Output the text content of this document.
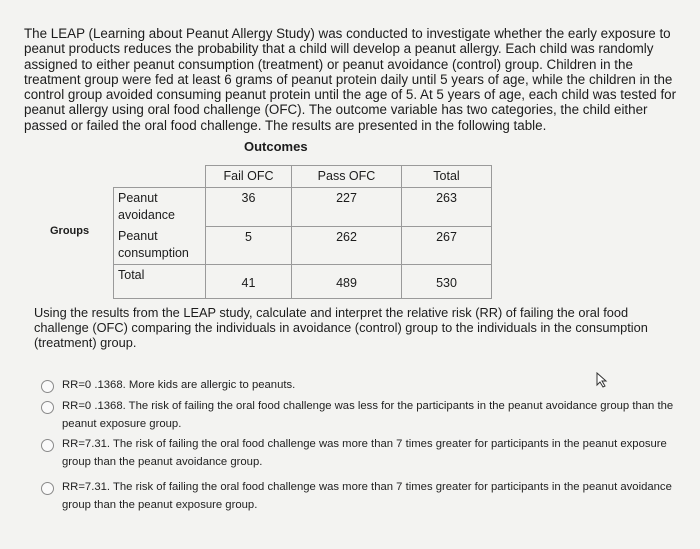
The LEAP (Learning about Peanut Allergy Study) was conducted to investigate whether the early exposure to peanut products reduces the probability that a child will develop a peanut allergy. Each child was randomly assigned to either peanut consumption (treatment) or peanut avoidance (control) group. Children in the treatment group were fed at least 6 grams of peanut protein daily until 5 years of age, while the children in the control group avoided consuming peanut protein until the age of 5. At 5 years of age, each child was tested for peanut allergy using oral food challenge (OFC). The outcome variable has two categories, the child either passed or failed the oral food challenge. The results are presented in the following table.
Outcomes
Groups
	Fail OFC	Pass OFC	Total
Peanut avoidance	36	227	263
Peanut consumption	5	262	267
Total	41	489	530
Using the results from the LEAP study, calculate and interpret the relative risk (RR) of failing the oral food challenge (OFC) comparing the individuals in avoidance (control) group to the individuals in the consumption (treatment) group.
RR=0 .1368. More kids are allergic to peanuts.
RR=0 .1368. The risk of failing the oral food challenge was less for the participants in the peanut avoidance group than the peanut exposure group.
RR=7.31. The risk of failing the oral food challenge was more than 7 times greater for participants in the peanut exposure group than the peanut avoidance group.
RR=7.31. The risk of failing the oral food challenge was more than 7 times greater for participants in the peanut avoidance group than the peanut exposure group.
